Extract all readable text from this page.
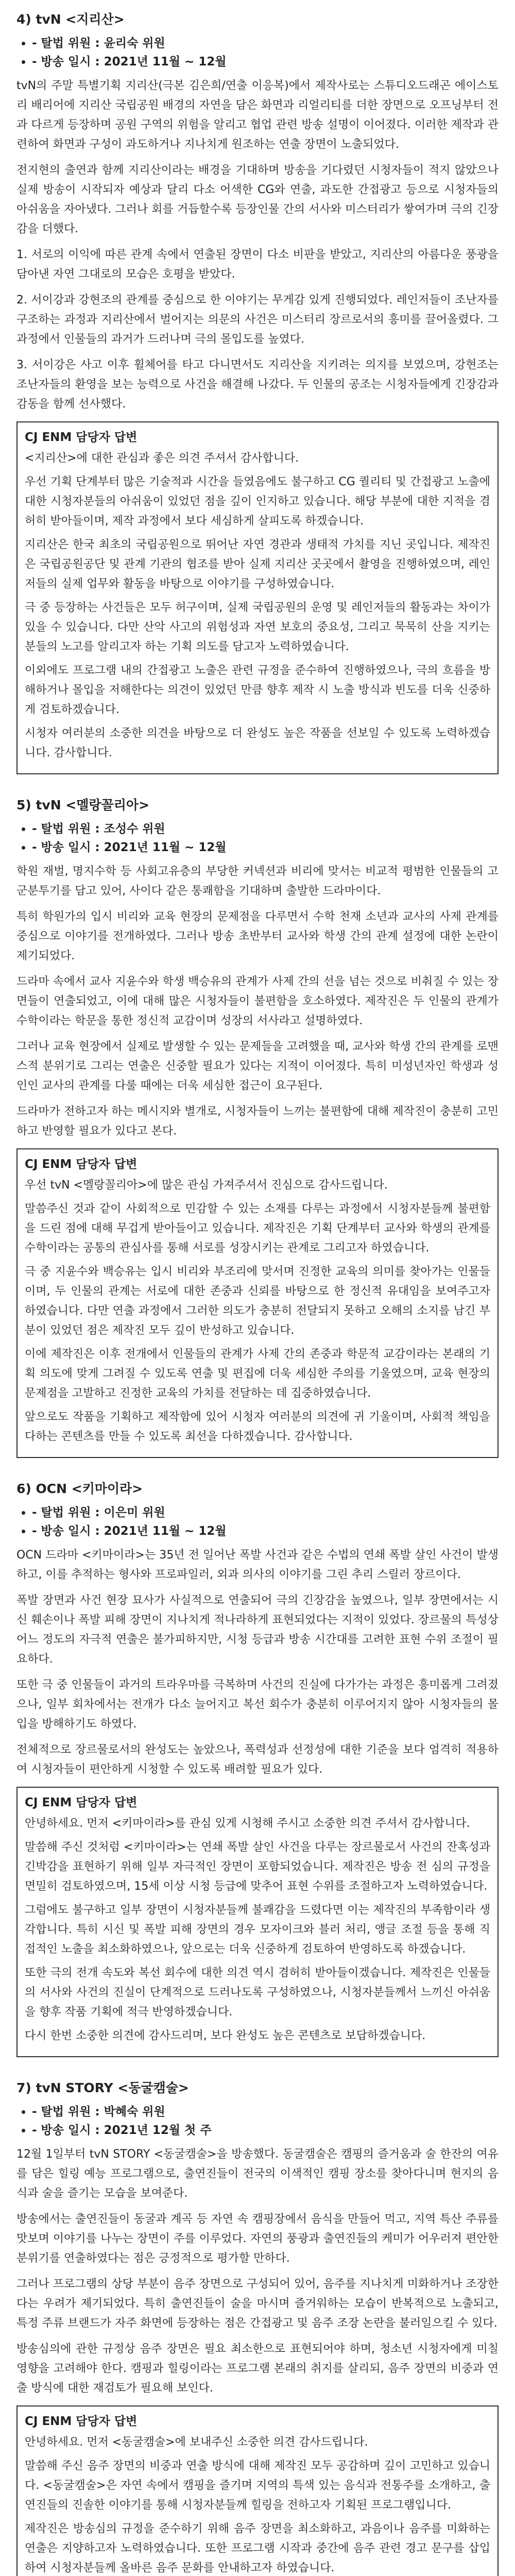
4) tvN <지리산>
• - 탈법 위원 : 윤리숙 위원
• - 방송 일시 : 2021년 11월 ~ 12월

tvN의 주말 특별기획 지리산(극본 김은희/연출 이응복)에서 제작사로는 스튜디오드래곤 에이스토리 배리어에 지리산 국립공원 배경의 자연을 담은 화면과 리얼리티를 더한 장면으로 오프닝부터 전과 다르게 등장하며 공원 구역의 위험을 알리고 협업 관련 방송 설명이 이어졌다. 이러한 제작과 관련하여 화면과 구성이 과도하거나 지나치게 원조하는 연출 장면이 노출되었다.

전지현의 출연과 함께 지리산이라는 배경을 기대하며 방송을 기다렸던 시청자들이 적지 않았으나 실제 방송이 시작되자 예상과 달리 다소 어색한 CG와 연출, 과도한 간접광고 등으로 시청자들의 아쉬움을 자아냈다. 그러나 회를 거듭할수록 등장인물 간의 서사와 미스터리가 쌓여가며 극의 긴장감을 더했다.

1. 서로의 이익에 따른 관계 속에서 연출된 장면이 다소 비판을 받았고, 지리산의 아름다운 풍광을 담아낸 자연 그대로의 모습은 호평을 받았다.

2. 서이강과 강현조의 관계를 중심으로 한 이야기는 무게감 있게 진행되었다. 레인저들이 조난자를 구조하는 과정과 지리산에서 벌어지는 의문의 사건은 미스터리 장르로서의 흥미를 끌어올렸다. 그 과정에서 인물들의 과거가 드러나며 극의 몰입도를 높였다.

3. 서이강은 사고 이후 휠체어를 타고 다니면서도 지리산을 지키려는 의지를 보였으며, 강현조는 조난자들의 환영을 보는 능력으로 사건을 해결해 나갔다. 두 인물의 공조는 시청자들에게 긴장감과 감동을 함께 선사했다.

CJ ENM 담당자 답변

<지리산>에 대한 관심과 좋은 의견 주셔서 감사합니다.

우선 기획 단계부터 많은 기술적과 시간을 들였음에도 불구하고 CG 퀄리티 및 간접광고 노출에 대한 시청자분들의 아쉬움이 있었던 점을 깊이 인지하고 있습니다. 해당 부분에 대한 지적을 겸허히 받아들이며, 제작 과정에서 보다 세심하게 살피도록 하겠습니다.

지리산은 한국 최초의 국립공원으로 뛰어난 자연 경관과 생태적 가치를 지닌 곳입니다. 제작진은 국립공원공단 및 관계 기관의 협조를 받아 실제 지리산 곳곳에서 촬영을 진행하였으며, 레인저들의 실제 업무와 활동을 바탕으로 이야기를 구성하였습니다.

극 중 등장하는 사건들은 모두 허구이며, 실제 국립공원의 운영 및 레인저들의 활동과는 차이가 있을 수 있습니다. 다만 산악 사고의 위험성과 자연 보호의 중요성, 그리고 묵묵히 산을 지키는 분들의 노고를 알리고자 하는 기획 의도를 담고자 노력하였습니다.

이외에도 프로그램 내의 간접광고 노출은 관련 규정을 준수하여 진행하였으나, 극의 흐름을 방해하거나 몰입을 저해한다는 의견이 있었던 만큼 향후 제작 시 노출 방식과 빈도를 더욱 신중하게 검토하겠습니다.

시청자 여러분의 소중한 의견을 바탕으로 더 완성도 높은 작품을 선보일 수 있도록 노력하겠습니다. 감사합니다.

5) tvN <멜랑꼴리아>
• - 탈법 위원 : 조성수 위원
• - 방송 일시 : 2021년 11월 ~ 12월

학원 재벌, 명지수학 등 사회고유층의 부당한 커넥션과 비리에 맞서는 비교적 평범한 인물들의 고군분투기를 담고 있어, 사이다 같은 통쾌함을 기대하며 출발한 드라마이다.

특히 학원가의 입시 비리와 교육 현장의 문제점을 다루면서 수학 천재 소년과 교사의 사제 관계를 중심으로 이야기를 전개하였다. 그러나 방송 초반부터 교사와 학생 간의 관계 설정에 대한 논란이 제기되었다.

드라마 속에서 교사 지윤수와 학생 백승유의 관계가 사제 간의 선을 넘는 것으로 비춰질 수 있는 장면들이 연출되었고, 이에 대해 많은 시청자들이 불편함을 호소하였다. 제작진은 두 인물의 관계가 수학이라는 학문을 통한 정신적 교감이며 성장의 서사라고 설명하였다.

그러나 교육 현장에서 실제로 발생할 수 있는 문제들을 고려했을 때, 교사와 학생 간의 관계를 로맨스적 분위기로 그리는 연출은 신중할 필요가 있다는 지적이 이어졌다. 특히 미성년자인 학생과 성인인 교사의 관계를 다룰 때에는 더욱 세심한 접근이 요구된다.

드라마가 전하고자 하는 메시지와 별개로, 시청자들이 느끼는 불편함에 대해 제작진이 충분히 고민하고 반영할 필요가 있다고 본다.

CJ ENM 담당자 답변

우선 tvN <멜랑꼴리아>에 많은 관심 가져주셔서 진심으로 감사드립니다.

말씀주신 것과 같이 사회적으로 민감할 수 있는 소재를 다루는 과정에서 시청자분들께 불편함을 드린 점에 대해 무겁게 받아들이고 있습니다. 제작진은 기획 단계부터 교사와 학생의 관계를 수학이라는 공통의 관심사를 통해 서로를 성장시키는 관계로 그리고자 하였습니다.

극 중 지윤수와 백승유는 입시 비리와 부조리에 맞서며 진정한 교육의 의미를 찾아가는 인물들이며, 두 인물의 관계는 서로에 대한 존중과 신뢰를 바탕으로 한 정신적 유대임을 보여주고자 하였습니다. 다만 연출 과정에서 그러한 의도가 충분히 전달되지 못하고 오해의 소지를 남긴 부분이 있었던 점은 제작진 모두 깊이 반성하고 있습니다.

이에 제작진은 이후 전개에서 인물들의 관계가 사제 간의 존중과 학문적 교감이라는 본래의 기획 의도에 맞게 그려질 수 있도록 연출 및 편집에 더욱 세심한 주의를 기울였으며, 교육 현장의 문제점을 고발하고 진정한 교육의 가치를 전달하는 데 집중하였습니다.

앞으로도 작품을 기획하고 제작함에 있어 시청자 여러분의 의견에 귀 기울이며, 사회적 책임을 다하는 콘텐츠를 만들 수 있도록 최선을 다하겠습니다. 감사합니다.

6) OCN <키마이라>
• - 탈법 위원 : 이은미 위원
• - 방송 일시 : 2021년 11월 ~ 12월

OCN 드라마 <키마이라>는 35년 전 일어난 폭발 사건과 같은 수법의 연쇄 폭발 살인 사건이 발생하고, 이를 추적하는 형사와 프로파일러, 외과 의사의 이야기를 그린 추리 스릴러 장르이다.

폭발 장면과 사건 현장 묘사가 사실적으로 연출되어 극의 긴장감을 높였으나, 일부 장면에서는 시신 훼손이나 폭발 피해 장면이 지나치게 적나라하게 표현되었다는 지적이 있었다. 장르물의 특성상 어느 정도의 자극적 연출은 불가피하지만, 시청 등급과 방송 시간대를 고려한 표현 수위 조절이 필요하다.

또한 극 중 인물들이 과거의 트라우마를 극복하며 사건의 진실에 다가가는 과정은 흥미롭게 그려졌으나, 일부 회차에서는 전개가 다소 늘어지고 복선 회수가 충분히 이루어지지 않아 시청자들의 몰입을 방해하기도 하였다.

전체적으로 장르물로서의 완성도는 높았으나, 폭력성과 선정성에 대한 기준을 보다 엄격히 적용하여 시청자들이 편안하게 시청할 수 있도록 배려할 필요가 있다.

CJ ENM 담당자 답변

안녕하세요. 먼저 <키마이라>를 관심 있게 시청해 주시고 소중한 의견 주셔서 감사합니다.

말씀해 주신 것처럼 <키마이라>는 연쇄 폭발 살인 사건을 다루는 장르물로서 사건의 잔혹성과 긴박감을 표현하기 위해 일부 자극적인 장면이 포함되었습니다. 제작진은 방송 전 심의 규정을 면밀히 검토하였으며, 15세 이상 시청 등급에 맞추어 표현 수위를 조절하고자 노력하였습니다.

그럼에도 불구하고 일부 장면이 시청자분들께 불쾌감을 드렸다면 이는 제작진의 부족함이라 생각합니다. 특히 시신 및 폭발 피해 장면의 경우 모자이크와 블러 처리, 앵글 조절 등을 통해 직접적인 노출을 최소화하였으나, 앞으로는 더욱 신중하게 검토하여 반영하도록 하겠습니다.

또한 극의 전개 속도와 복선 회수에 대한 의견 역시 겸허히 받아들이겠습니다. 제작진은 인물들의 서사와 사건의 진실이 단계적으로 드러나도록 구성하였으나, 시청자분들께서 느끼신 아쉬움을 향후 작품 기획에 적극 반영하겠습니다.

다시 한번 소중한 의견에 감사드리며, 보다 완성도 높은 콘텐츠로 보답하겠습니다.

7) tvN STORY <동굴캠술>
• - 탈법 위원 : 박혜숙 위원
• - 방송 일시 : 2021년 12월 첫 주

12월 1일부터 tvN STORY <동굴캠술>을 방송했다. 동굴캠술은 캠핑의 즐거움과 술 한잔의 여유를 담은 힐링 예능 프로그램으로, 출연진들이 전국의 이색적인 캠핑 장소를 찾아다니며 현지의 음식과 술을 즐기는 모습을 보여준다.

방송에서는 출연진들이 동굴과 계곡 등 자연 속 캠핑장에서 음식을 만들어 먹고, 지역 특산 주류를 맛보며 이야기를 나누는 장면이 주를 이루었다. 자연의 풍광과 출연진들의 케미가 어우러져 편안한 분위기를 연출하였다는 점은 긍정적으로 평가할 만하다.

그러나 프로그램의 상당 부분이 음주 장면으로 구성되어 있어, 음주를 지나치게 미화하거나 조장한다는 우려가 제기되었다. 특히 출연진들이 술을 마시며 즐거워하는 모습이 반복적으로 노출되고, 특정 주류 브랜드가 자주 화면에 등장하는 점은 간접광고 및 음주 조장 논란을 불러일으킬 수 있다.

방송심의에 관한 규정상 음주 장면은 필요 최소한으로 표현되어야 하며, 청소년 시청자에게 미칠 영향을 고려해야 한다. 캠핑과 힐링이라는 프로그램 본래의 취지를 살리되, 음주 장면의 비중과 연출 방식에 대한 재검토가 필요해 보인다.

CJ ENM 담당자 답변

안녕하세요. 먼저 <동굴캠술>에 보내주신 소중한 의견 감사드립니다.

말씀해 주신 음주 장면의 비중과 연출 방식에 대해 제작진 모두 공감하며 깊이 고민하고 있습니다. <동굴캠술>은 자연 속에서 캠핑을 즐기며 지역의 특색 있는 음식과 전통주를 소개하고, 출연진들의 진솔한 이야기를 통해 시청자분들께 힐링을 전하고자 기획된 프로그램입니다.

제작진은 방송심의 규정을 준수하기 위해 음주 장면을 최소화하고, 과음이나 음주를 미화하는 연출은 지양하고자 노력하였습니다. 또한 프로그램 시작과 중간에 음주 관련 경고 문구를 삽입하여 시청자분들께 올바른 음주 문화를 안내하고자 하였습니다.
